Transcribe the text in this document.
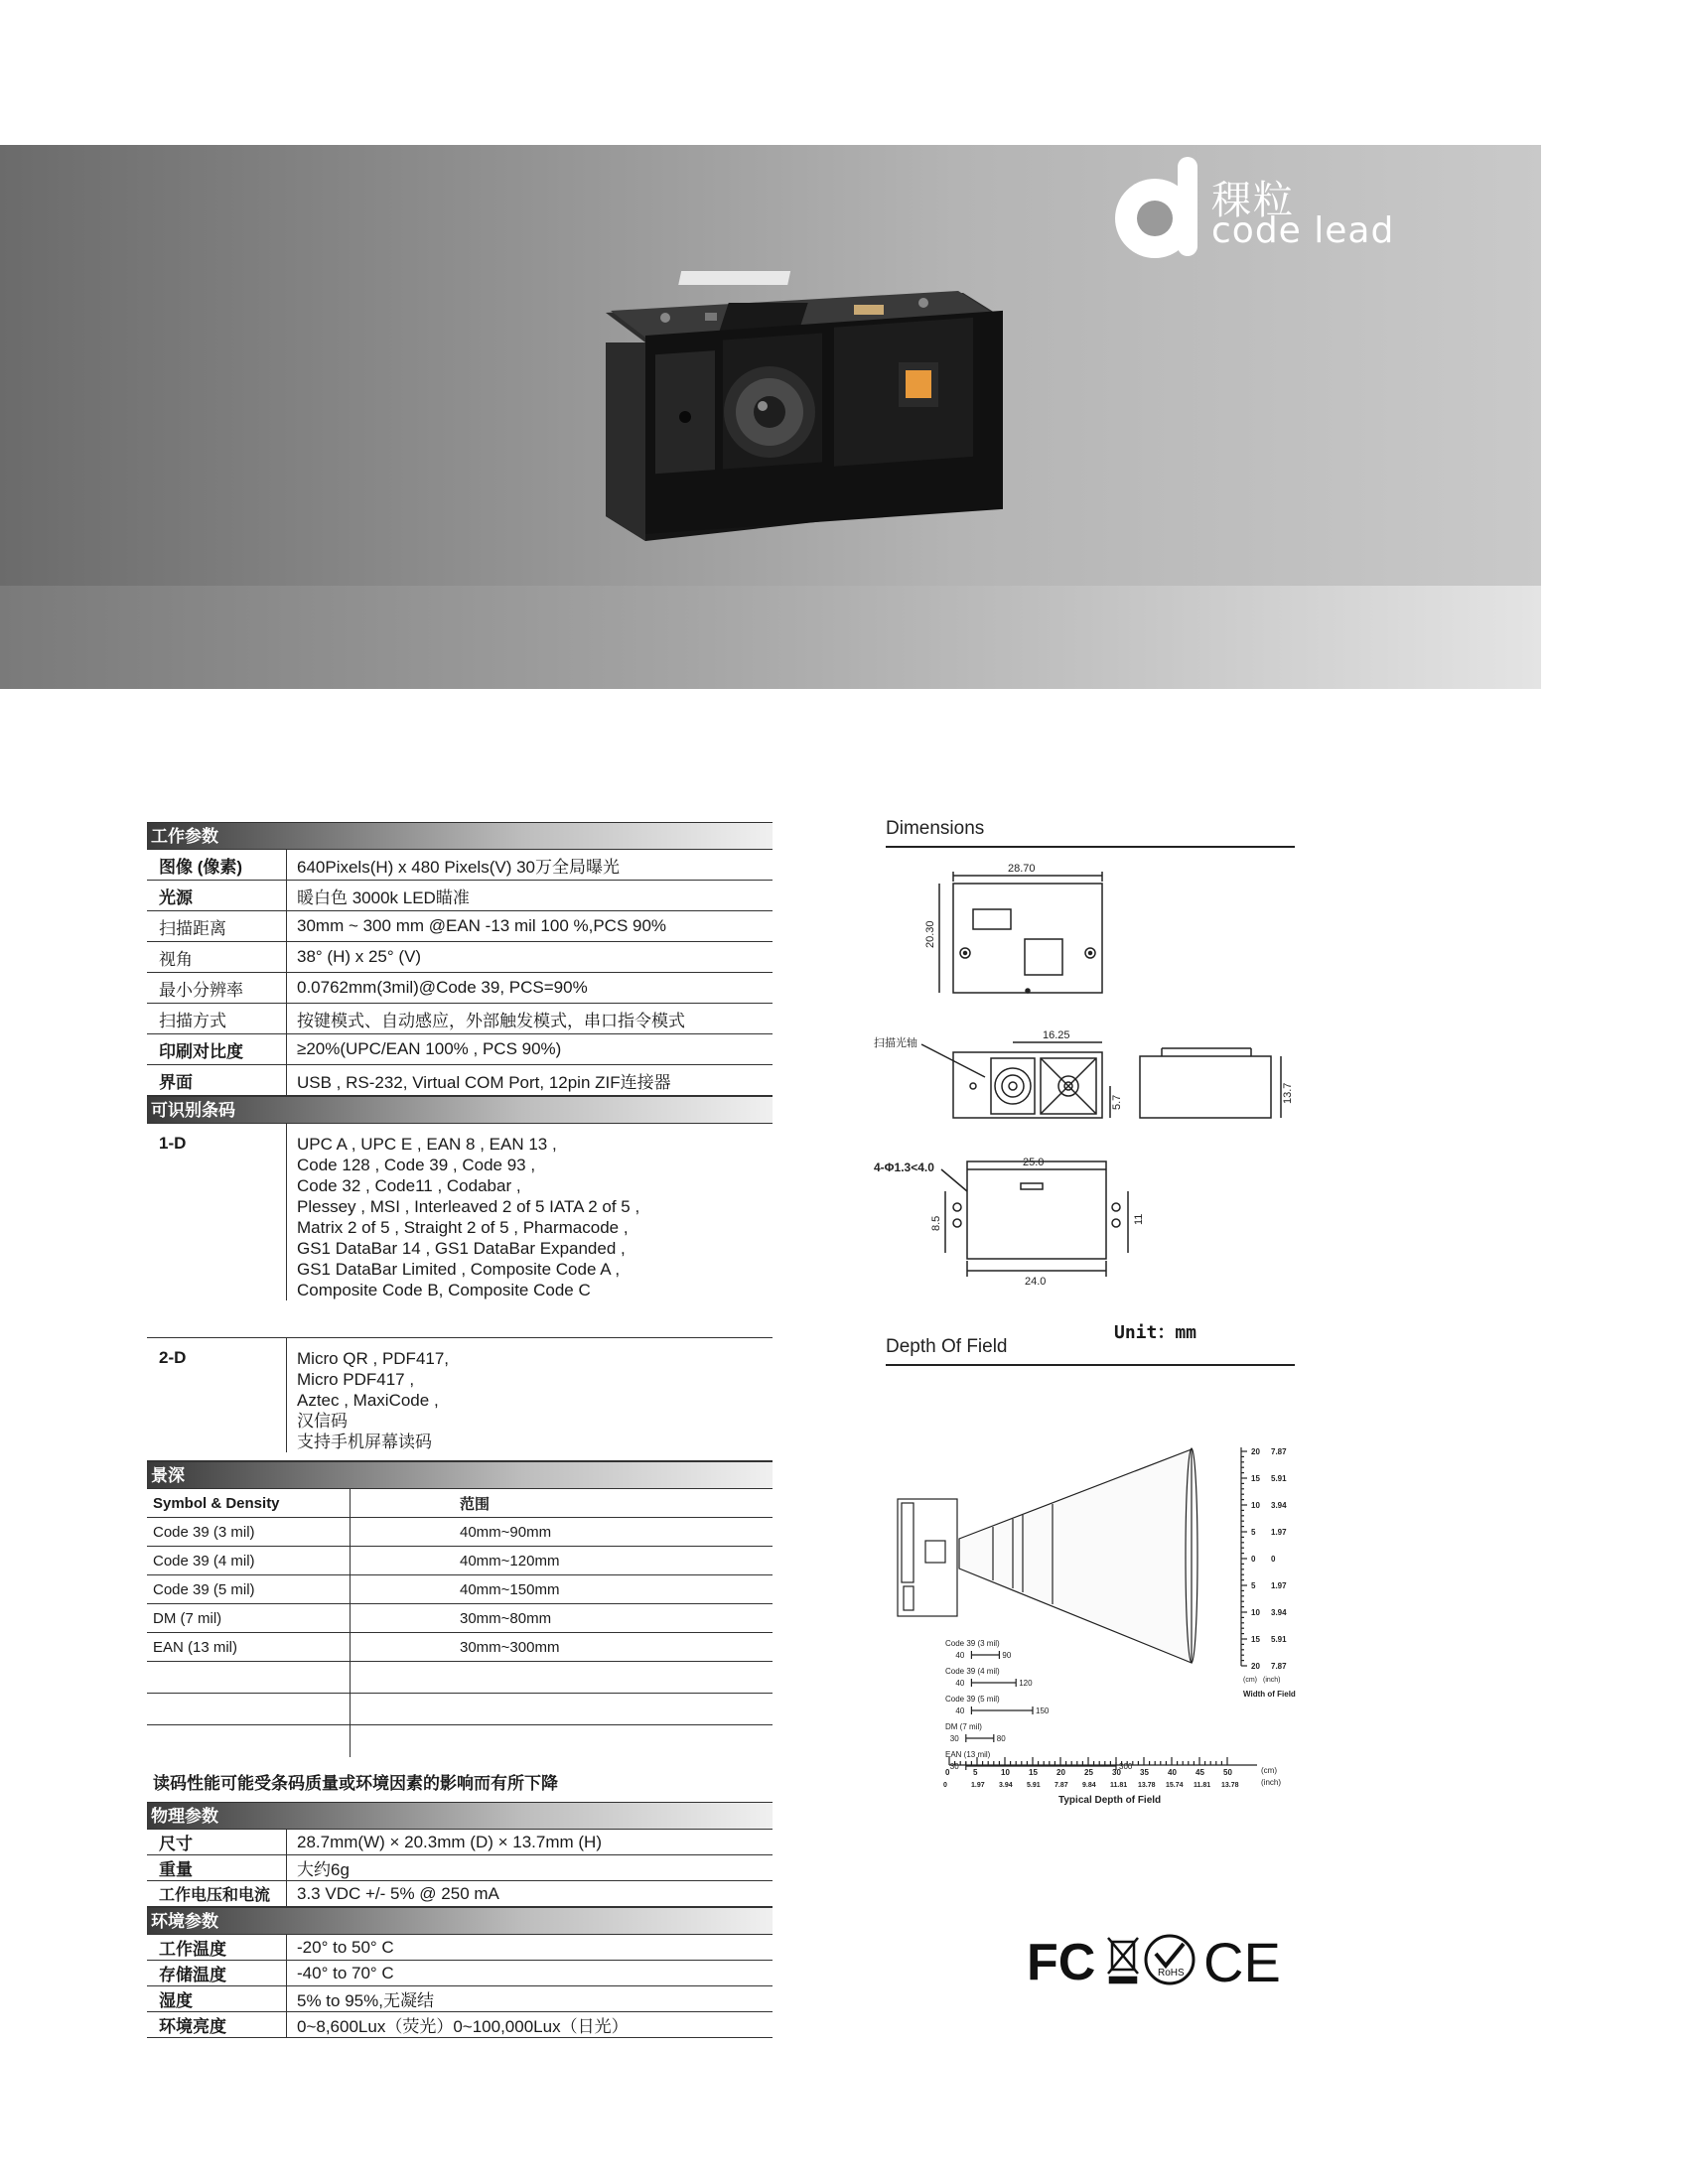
稞粒
code lead
工作参数
图像 (像素)	640Pixels(H) x 480 Pixels(V) 30万全局曝光
光源	暖白色 3000k LED瞄准
扫描距离	30mm ~ 300 mm @EAN -13 mil 100 %,PCS 90%
视角	38° (H) x 25° (V)
最小分辨率	0.0762mm(3mil)@Code 39, PCS=90%
扫描方式	按键模式、自动感应，外部触发模式，串口指令模式
印刷对比度	≥20%(UPC/EAN 100% , PCS 90%)
界面	USB , RS-232, Virtual COM Port, 12pin ZIF连接器
可识别条码
1-D	UPC A , UPC E , EAN 8 , EAN 13 ,
Code 128 , Code 39 , Code 93 ,
Code 32 , Code11 , Codabar ,
Plessey , MSI , Interleaved 2 of 5 IATA 2 of 5 ,
Matrix 2 of 5 , Straight 2 of 5 , Pharmacode ,
GS1 DataBar 14 , GS1 DataBar Expanded ,
GS1 DataBar Limited , Composite Code A ,
Composite Code B, Composite Code C
2-D	Micro QR , PDF417,
Micro PDF417 ,
Aztec , MaxiCode ,
汉信码
支持手机屏幕读码
景深
Symbol & Density	范围
Code 39 (3 mil)	40mm~90mm
Code 39 (4 mil)	40mm~120mm
Code 39 (5 mil)	40mm~150mm
DM (7 mil)	30mm~80mm
EAN (13 mil)	30mm~300mm
读码性能可能受条码质量或环境因素的影响而有所下降
物理参数
尺寸	28.7mm(W) × 20.3mm (D) × 13.7mm (H)
重量	大约6g
工作电压和电流	3.3 VDC +/- 5% @ 250 mA
环境参数
工作温度	-20° to 50° C
存储温度	-40° to 70° C
湿度	5% to 95%,无凝结
环境亮度	0~8,600Lux（荧光）0~100,000Lux（日光）
Dimensions
28.70
20.30
扫描光轴
16.25
5.7	13.7
4-Φ1.3<4.0	25.0
8.5	11
24.0
Unit：mm
Depth Of Field
20 7.87
15 5.91
10 3.94
5 1.97
0 0
5 1.97
10 3.94
15 5.91
20 7.87
(cm) (inch)
Width of Field
Code 39 (3 mil)
40	90
Code 39 (4 mil)
40	120
Code 39 (5 mil)
40	150
DM (7 mil)
30	80
EAN (13 mil)
30	300
0
0
5
1.97
10
3.94
15
5.91
20
7.87
25
9.84
30
11.81
35
13.78
40
15.74
45
11.81
50
13.78
(cm)
(inch)
Typical Depth of Field
FC	RoHS CE
